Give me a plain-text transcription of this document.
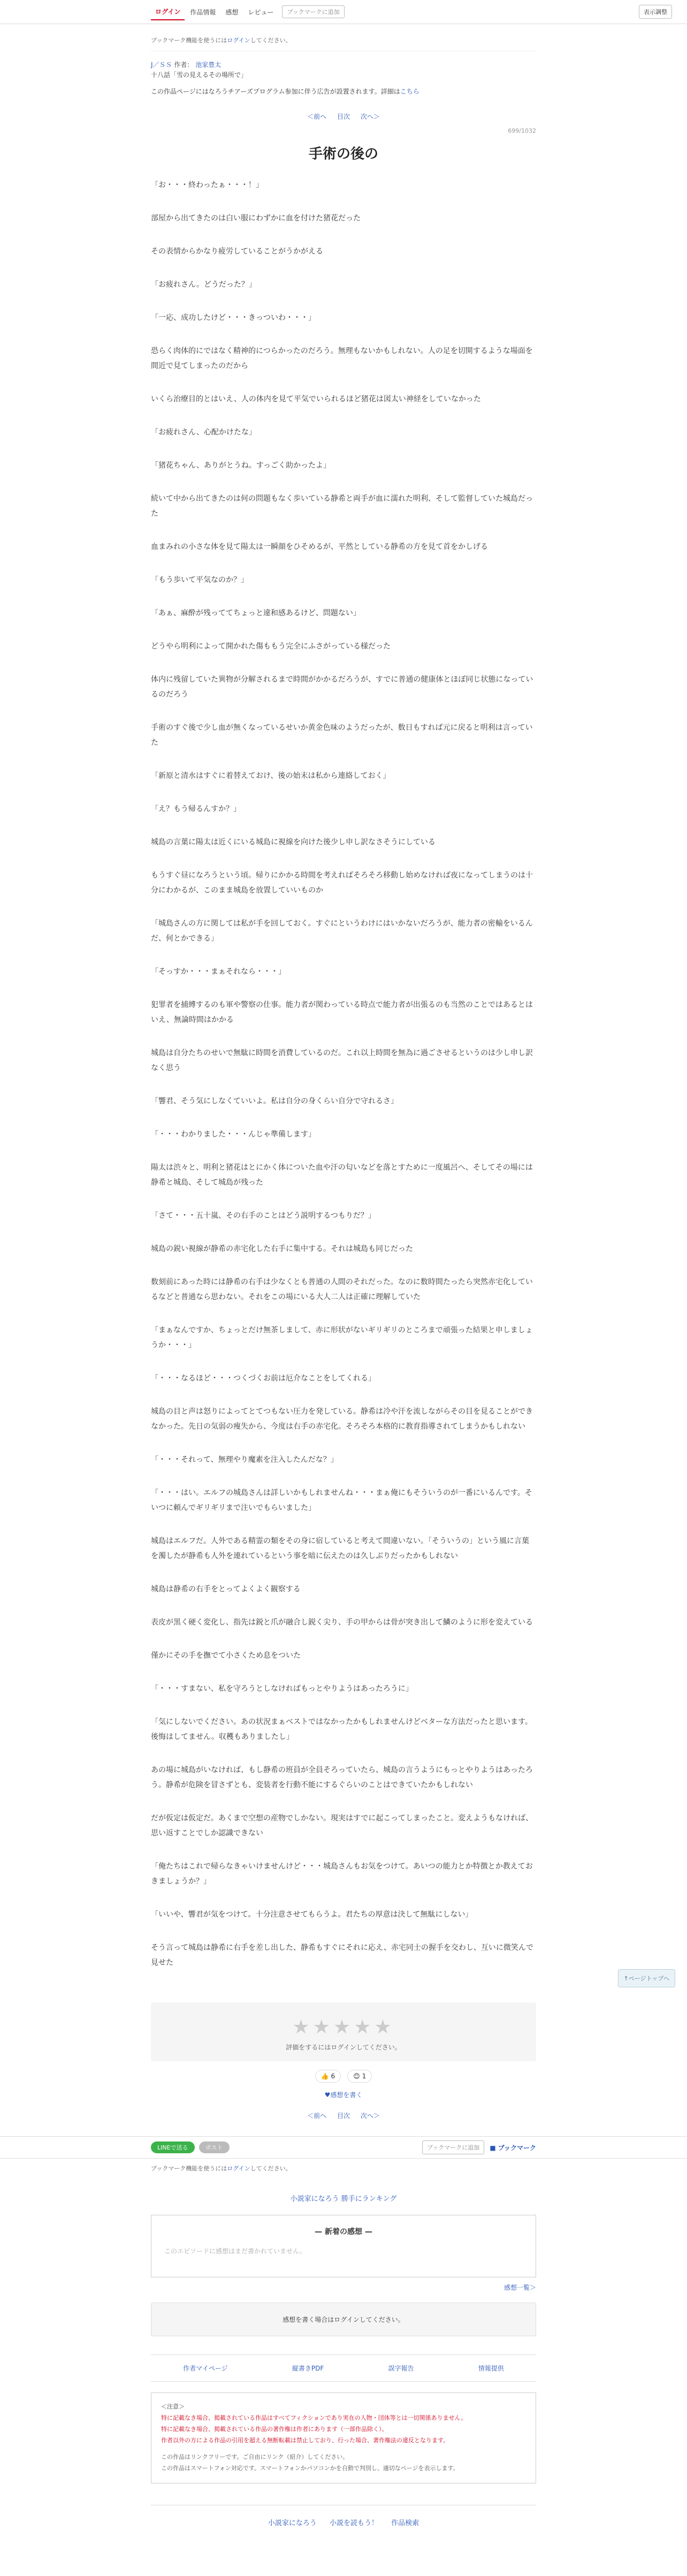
ログイン	作品情報	感想	レビュー	ブックマークに追加	表示調整
ブックマーク機能を使うにはログインしてください。
J／ＳＳ 作者： 池家豊太
十八話「雪の見えるその場所で」
この作品ページにはなろうチアーズプログラム参加に伴う広告が設置されます。詳細はこちら
＜前へ 目次 次へ＞
699/1032
手術の後の

「お・・・終わったぁ・・・！」

部屋から出てきたのは白い服にわずかに血を付けた猪花だった

その表情からかなり疲労していることがうかがえる

「お疲れさん。どうだった？」

「一応、成功したけど・・・きっついわ・・・」

恐らく肉体的にではなく精神的につらかったのだろう。無理もないかもしれない。人の足を切開するような場面を間近で見てしまったのだから

いくら治療目的とはいえ、人の体内を見て平気でいられるほど猪花は図太い神経をしていなかった

「お疲れさん、心配かけたな」

「猪花ちゃん、ありがとうね。すっごく助かったよ」

続いて中から出てきたのは何の問題もなく歩いている静希と両手が血に濡れた明利、そして監督していた城島だった

血まみれの小さな体を見て陽太は一瞬顔をひそめるが、平然としている静希の方を見て首をかしげる

「もう歩いて平気なのか？」

「あぁ、麻酔が残っててちょっと違和感あるけど、問題ない」

どうやら明利によって開かれた傷ももう完全にふさがっている様だった

体内に残留していた異物が分解されるまで時間がかかるだろうが、すでに普通の健康体とほぼ同じ状態になっているのだろう

手術のすぐ後で少し血が無くなっているせいか黄金色味のようだったが、数日もすれば元に戻ると明利は言っていた

「新原と清水はすぐに着替えておけ、後の始末は私から連絡しておく」

「え？もう帰るんすか？」

城島の言葉に陽太は近くにいる城島に視線を向けた後少し申し訳なさそうにしている

もうすぐ昼になろうという頃。帰りにかかる時間を考えればそろそろ移動し始めなければ夜になってしまうのは十分にわかるが、このまま城島を放置していいものか

「城島さんの方に関しては私が手を回しておく。すぐにというわけにはいかないだろうが、能力者の密輸をいるんだ、何とかできる」

「そっすか・・・まぁそれなら・・・」

犯罪者を捕縛するのも軍や警察の仕事。能力者が関わっている時点で能力者が出張るのも当然のことではあるとはいえ、無論時間はかかる

城島は自分たちのせいで無駄に時間を消費しているのだ。これ以上時間を無為に過ごさせるというのは少し申し訳なく思う

「響君、そう気にしなくていいよ。私は自分の身くらい自分で守れるさ」

「・・・わかりました・・・んじゃ準備します」

陽太は渋々と、明利と猪花はとにかく体についた血や汗の匂いなどを落とすために一度風呂へ、そしてその場には静希と城島、そして城島が残った

「さて・・・五十嵐、その右手のことはどう説明するつもりだ？」

城島の鋭い視線が静希の赤宅化した右手に集中する。それは城島も同じだった

数刻前にあった時には静希の右手は少なくとも普通の人間のそれだった。なのに数時間たったら突然赤宅化しているなどと普通なら思わない。それをこの場にいる大人二人は正確に理解していた

「まぁなんですか、ちょっとだけ無茶しまして、赤に形状がないギリギリのところまで頑張った結果と申しましょうか・・・」

「・・・なるほど・・・つくづくお前は厄介なことをしてくれる」

城島の目と声は怒りによってとてつもない圧力を発している。静希は冷や汗を流しながらその目を見ることができなかった。先日の気弱の痩失から、今度は右手の赤宅化。そろそろ本格的に教育指導されてしまうかもしれない

「・・・それって、無理やり魔素を注入したんだな？」

「・・・はい。エルフの城島さんは詳しいかもしれませんね・・・まぁ俺にもそういうのが一番にいるんです。そいつに頼んでギリギリまで注いでもらいました」

城島はエルフだ。人外である精霊の類をその身に宿していると考えて間違いない。「そういうの」という風に言葉を濁したが静希も人外を連れているという事を暗に伝えたのは久しぶりだったかもしれない

城島は静希の右手をとってよくよく観察する

表皮が黒く硬く変化し、指先は鋭と爪が融合し鋭く尖り、手の甲からは骨が突き出して鱗のように形を変えている

僅かにその手を撫でて小さくため息をついた

「・・・すまない、私を守ろうとしなければもっとやりようはあったろうに」

「気にしないでください。あの状況まぁベストではなかったかもしれませんけどベターな方法だったと思います。後悔はしてません。収穫もありましたし」

あの場に城島がいなければ、もし静希の班員が全員そろっていたら、城島の言うようにもっとやりようはあったろう。静希が危険を冒さずとも、変装者を行動不能にするぐらいのことはできていたかもしれない

だが仮定は仮定だ。あくまで空想の産物でしかない。現実はすでに起こってしまったこと。変えようもなければ、思い返すことでしか認識できない

「俺たちはこれで帰らなきゃいけませんけど・・・城島さんもお気をつけて。あいつの能力とか特徴とか教えておきましょうか？」

「いいや、響君が気をつけて。十分注意させてもらうよ。君たちの厚意は決して無駄にしない」

そう言って城島は静希に右手を差し出した、静希もすぐにそれに応え、赤宅同士の握手を交わし、互いに微笑んで見せた

★★★★★
評価をするにはログインしてください。
👍 6	😊 1
♥感想を書く
＜前へ 目次 次へ＞
LINEで送る	ポスト	ブックマークに追加	■ ブックマーク
ブックマーク機能を使うにはログインしてください。
小説家になろう 勝手にランキング
— 新着の感想 —
このエピソードに感想はまだ書かれていません。
感想一覧＞
感想を書く場合はログインしてください。
作者マイページ	縦書きPDF	誤字報告	情報提供
＜注意＞
特に記載なき場合、掲載されている作品はすべてフィクションであり実在の人物・団体等とは一切関係ありません。
特に記載なき場合、掲載されている作品の著作権は作者にあります（一部作品除く）。
作者以外の方による作品の引用を超える無断転載は禁止しており、行った場合、著作権法の違反となります。
この作品はリンクフリーです。ご自由にリンク（紹介）してください。
この作品はスマートフォン対応です。スマートフォンかパソコンかを自動で判別し、適切なページを表示します。
小説家になろう 小説を読もう！ 作品検索
↑ページトップへ
